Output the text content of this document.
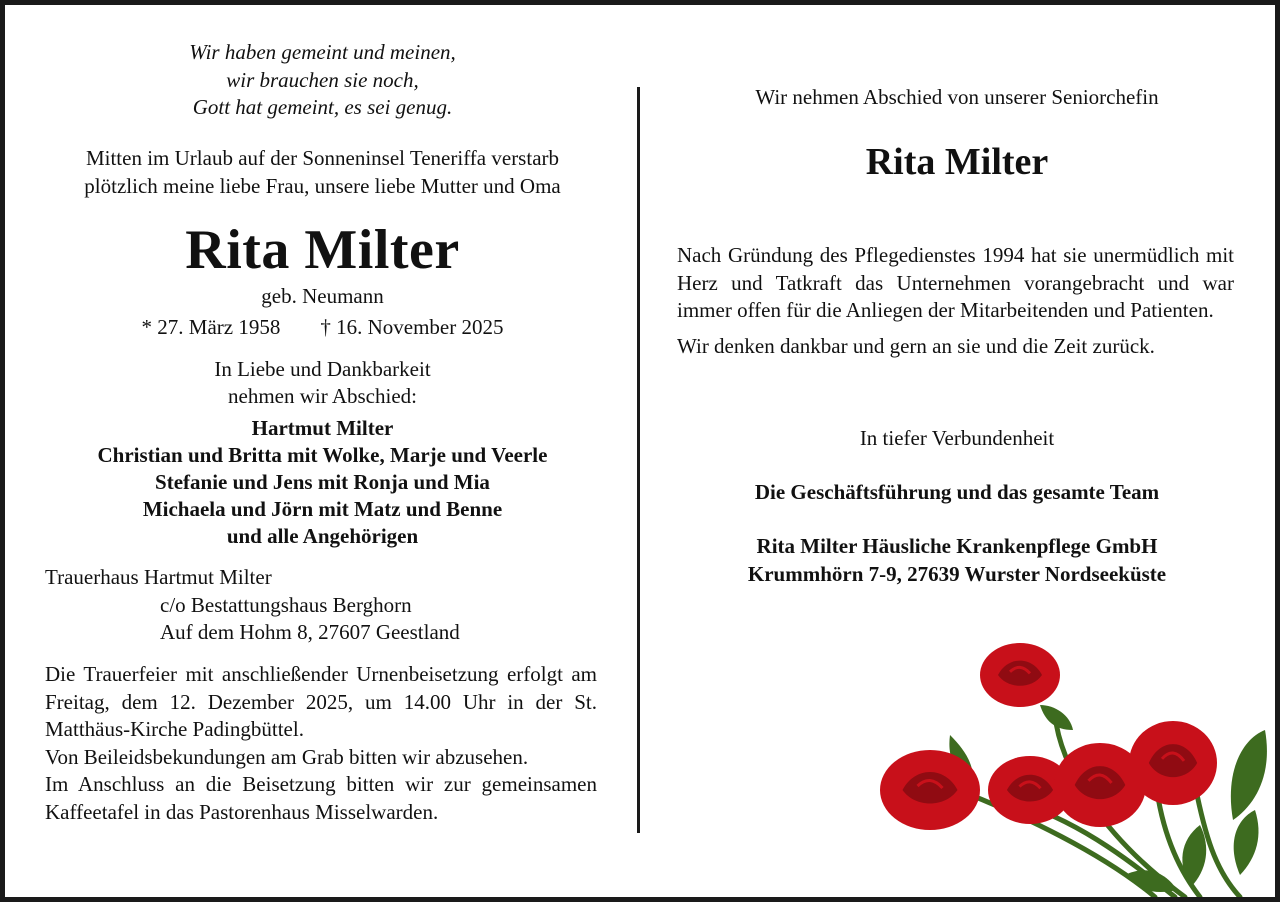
Wir haben gemeint und meinen,
wir brauchen sie noch,
Gott hat gemeint, es sei genug.
Mitten im Urlaub auf der Sonneninsel Teneriffa verstarb
plötzlich meine liebe Frau, unsere liebe Mutter und Oma
Rita Milter
geb. Neumann
* 27. März 1958 † 16. November 2025
In Liebe und Dankbarkeit
nehmen wir Abschied:
Hartmut Milter
Christian und Britta mit Wolke, Marje und Veerle
Stefanie und Jens mit Ronja und Mia
Michaela und Jörn mit Matz und Benne
und alle Angehörigen
Trauerhaus Hartmut Milter
c/o Bestattungshaus Berghorn
Auf dem Hohm 8, 27607 Geestland

Die Trauerfeier mit anschließender Urnenbeisetzung erfolgt am Freitag, dem 12. Dezember 2025, um 14.00 Uhr in der St. Matthäus-Kirche Padingbüttel.

Von Beileidsbekundungen am Grab bitten wir abzusehen.

Im Anschluss an die Beisetzung bitten wir zur gemeinsamen Kaffeetafel in das Pastorenhaus Misselwarden.

Wir nehmen Abschied von unserer Seniorchefin
Rita Milter

Nach Gründung des Pflegedienstes 1994 hat sie unermüdlich mit Herz und Tatkraft das Unternehmen vorangebracht und war immer offen für die Anliegen der Mitarbeitenden und Patienten.

Wir denken dankbar und gern an sie und die Zeit zurück.

In tiefer Verbundenheit
Die Geschäftsführung und das gesamte Team
Rita Milter Häusliche Krankenpflege GmbH
Krummhörn 7-9, 27639 Wurster Nordseeküste
